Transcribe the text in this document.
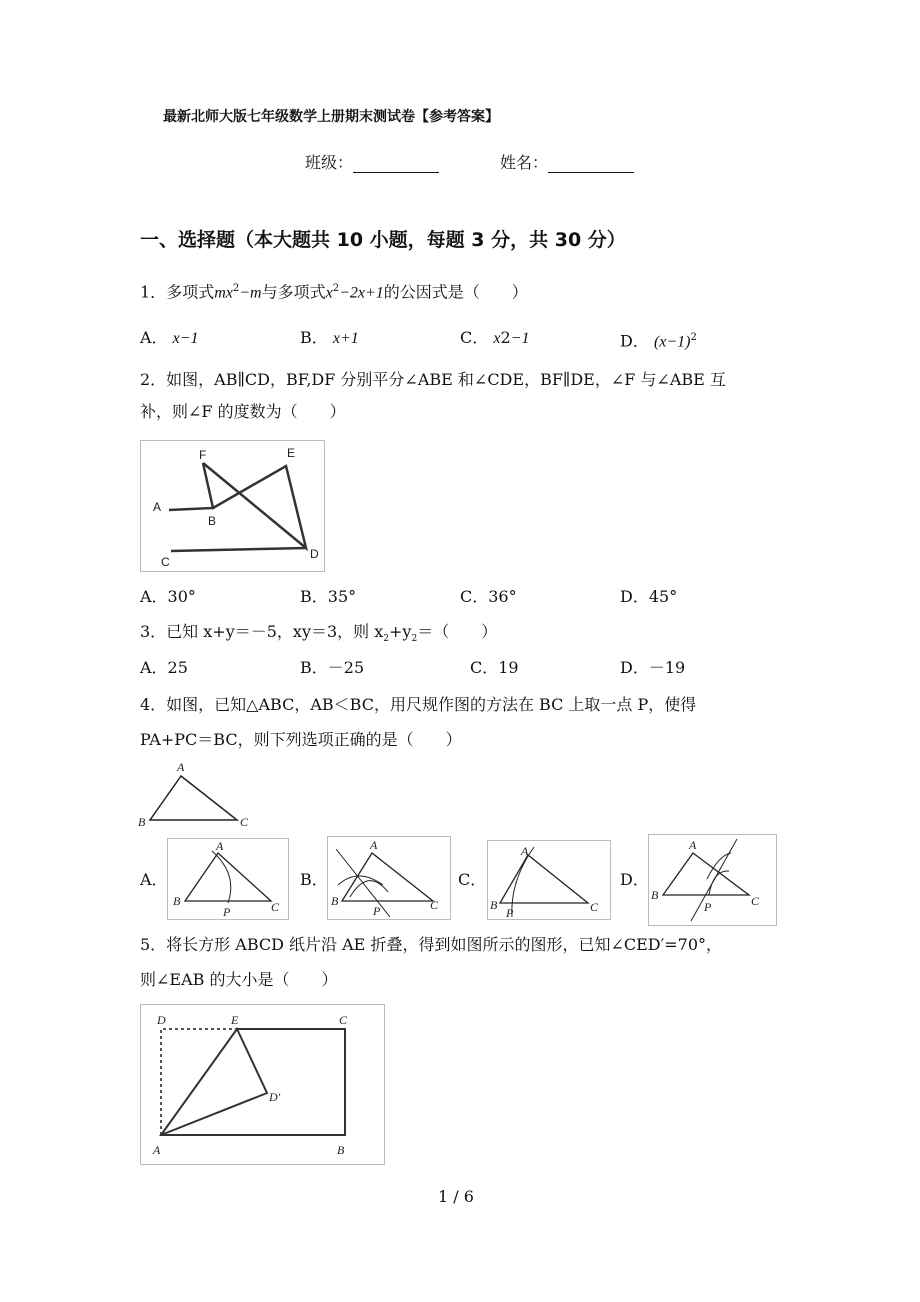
最新北师大版七年级数学上册期末测试卷【参考答案】
班级：	姓名：
一、选择题（本大题共 10 小题，每题 3 分，共 30 分）
1．多项式$mx^2-m$与多项式$x^2-2x+1$的公因式是（　　）
A． x−1	B． x+1	C． x2−1	D． $(x-1)^2$
2．如图，AB∥CD，BF,DF 分别平分∠ABE 和∠CDE，BF∥DE，∠F 与∠ABE 互
补，则∠F 的度数为（　　）
F	E
A
B
C
D
A．30°	B．35°	C．36°	D．45°
3．已知 x+y＝－5，xy＝3，则 $x_2+y_2=$（　　）
A．25	B．－25	C．19	D．－19
4．如图，已知△ABC，AB＜BC，用尺规作图的方法在 BC 上取一点 P，使得
PA+PC＝BC，则下列选项正确的是（　　）
A
B	C
A．
A
B	C
P
B．
A
B	C
P
C．
A
B	C
P
D．
A
B	C
P
5．将长方形 ABCD 纸片沿 AE 折叠，得到如图所示的图形，已知∠CED′=70°，
则∠EAB 的大小是（　　）
D	E	C
D′
A	B
1 / 6
